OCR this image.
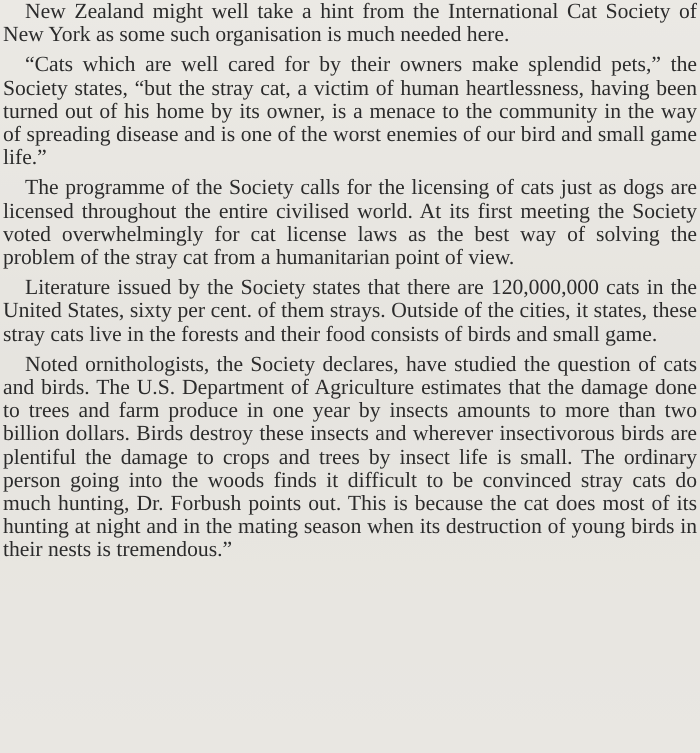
New Zealand might well take a hint from the International Cat Society of New York as some such organisation is much needed here.

“Cats which are well cared for by their owners make splendid pets,” the Society states, “but the stray cat, a victim of human heartlessness, having been turned out of his home by its owner, is a menace to the community in the way of spreading disease and is one of the worst enemies of our bird and small game life.”

The programme of the Society calls for the licensing of cats just as dogs are licensed throughout the entire civilised world. At its first meeting the Society voted overwhelmingly for cat license laws as the best way of solving the problem of the stray cat from a humanitarian point of view.

Literature issued by the Society states that there are 120,000,000 cats in the United States, sixty per cent. of them strays. Outside of the cities, it states, these stray cats live in the forests and their food consists of birds and small game.

Noted ornithologists, the Society declares, have studied the question of cats and birds. The U.S. Department of Agriculture estimates that the damage done to trees and farm produce in one year by insects amounts to more than two billion dollars. Birds destroy these insects and wherever insectivorous birds are plentiful the damage to crops and trees by insect life is small. The ordinary person going into the woods finds it difficult to be convinced stray cats do much hunting, Dr. Forbush points out. This is because the cat does most of its hunting at night and in the mating season when its destruction of young birds in their nests is tremendous.”
